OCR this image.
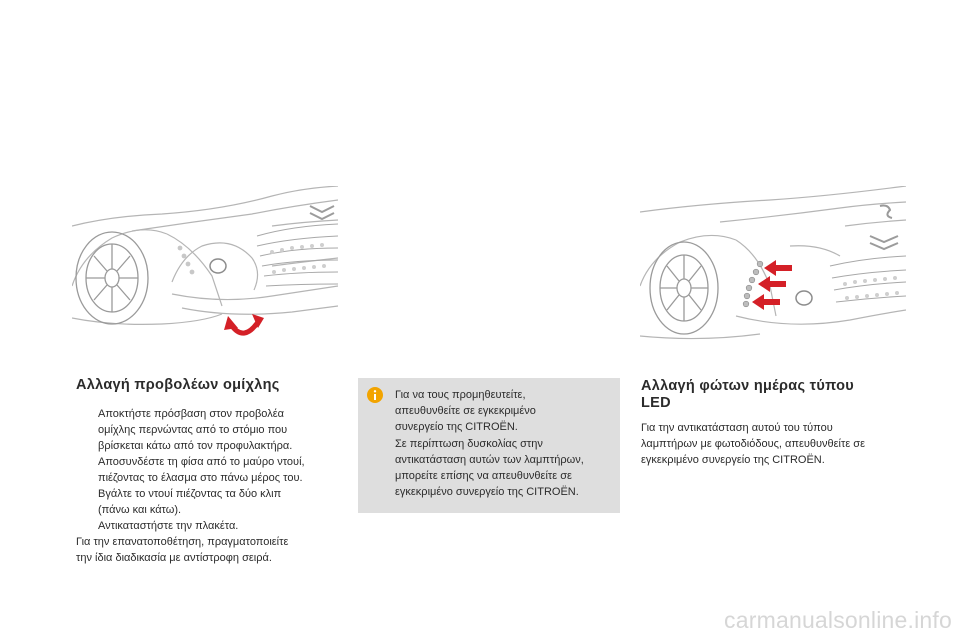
Αλλαγή προβολέων ομίχλης
Αποκτήστε πρόσβαση στον προβολέα
ομίχλης περνώντας από το στόμιο που
βρίσκεται κάτω από τον προφυλακτήρα.
Αποσυνδέστε τη φίσα από το μαύρο ντουί,
πιέζοντας το έλασμα στο πάνω μέρος του.
Βγάλτε το ντουί πιέζοντας τα δύο κλιπ
(πάνω και κάτω).
Αντικαταστήστε την πλακέτα.

Για την επανατοποθέτηση, πραγματοποιείτε
την ίδια διαδικασία με αντίστροφη σειρά.

Για να τους προμηθευτείτε,
απευθυνθείτε σε εγκεκριμένο
συνεργείο της CITROËN.
Σε περίπτωση δυσκολίας στην
αντικατάσταση αυτών των λαμπτήρων,
μπορείτε επίσης να απευθυνθείτε σε
εγκεκριμένο συνεργείο της CITROËN.

Αλλαγή φώτων ημέρας τύπου
LED

Για την αντικατάσταση αυτού του τύπου
λαμπτήρων με φωτοδιόδους, απευθυνθείτε σε
εγκεκριμένο συνεργείο της CITROËN.

carmanualsonline.info
